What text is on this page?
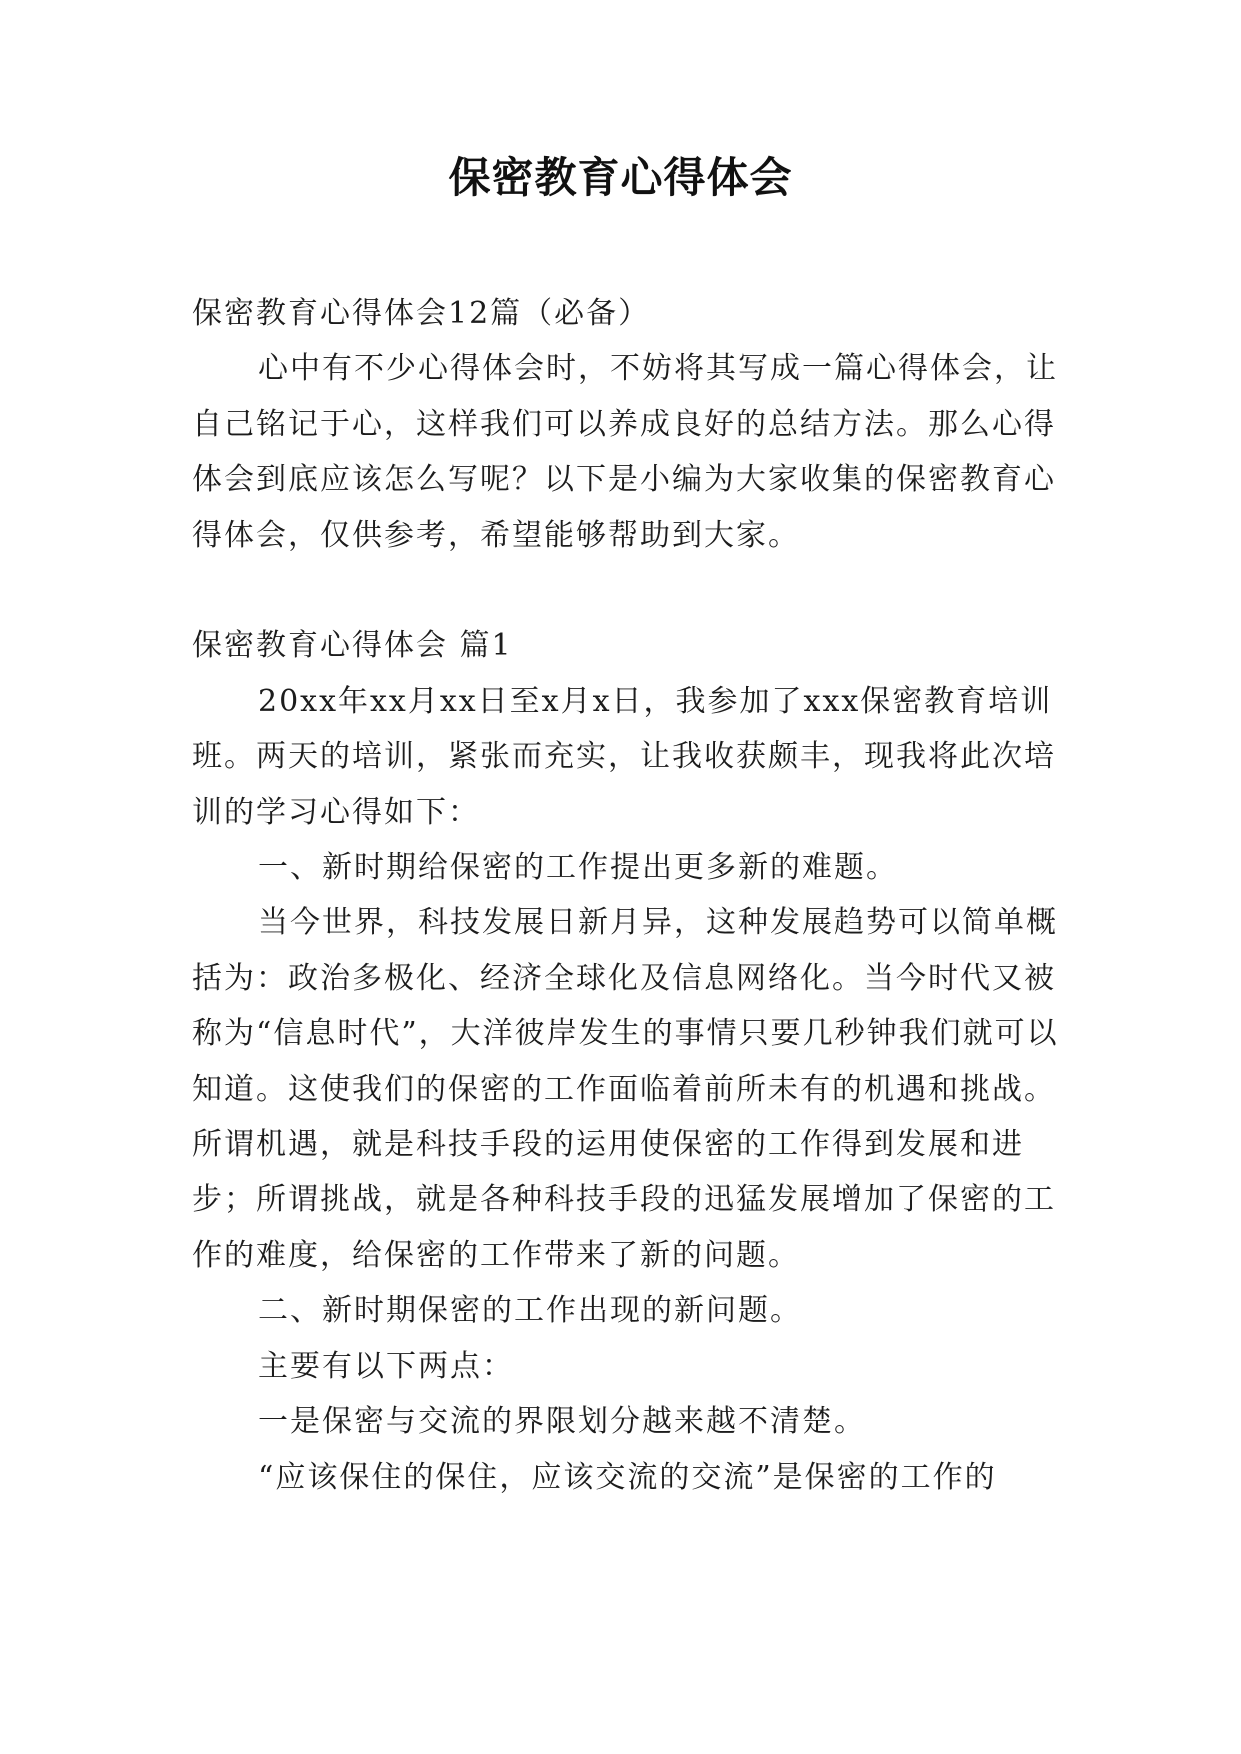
保密教育心得体会

保密教育心得体会12篇（必备）

心中有不少心得体会时，不妨将其写成一篇心得体会，让自己铭记于心，这样我们可以养成良好的总结方法。那么心得体会到底应该怎么写呢？以下是小编为大家收集的保密教育心得体会，仅供参考，希望能够帮助到大家。

保密教育心得体会 篇1

20xx年xx月xx日至x月x日，我参加了xxx保密教育培训班。两天的培训，紧张而充实，让我收获颇丰，现我将此次培训的学习心得如下：

一、新时期给保密的工作提出更多新的难题。

当今世界，科技发展日新月异，这种发展趋势可以简单概括为：政治多极化、经济全球化及信息网络化。当今时代又被称为“信息时代”，大洋彼岸发生的事情只要几秒钟我们就可以知道。这使我们的保密的工作面临着前所未有的机遇和挑战。所谓机遇，就是科技手段的运用使保密的工作得到发展和进步；所谓挑战，就是各种科技手段的迅猛发展增加了保密的工作的难度，给保密的工作带来了新的问题。

二、新时期保密的工作出现的新问题。

主要有以下两点：

一是保密与交流的界限划分越来越不清楚。

“应该保住的保住，应该交流的交流”是保密的工作的
